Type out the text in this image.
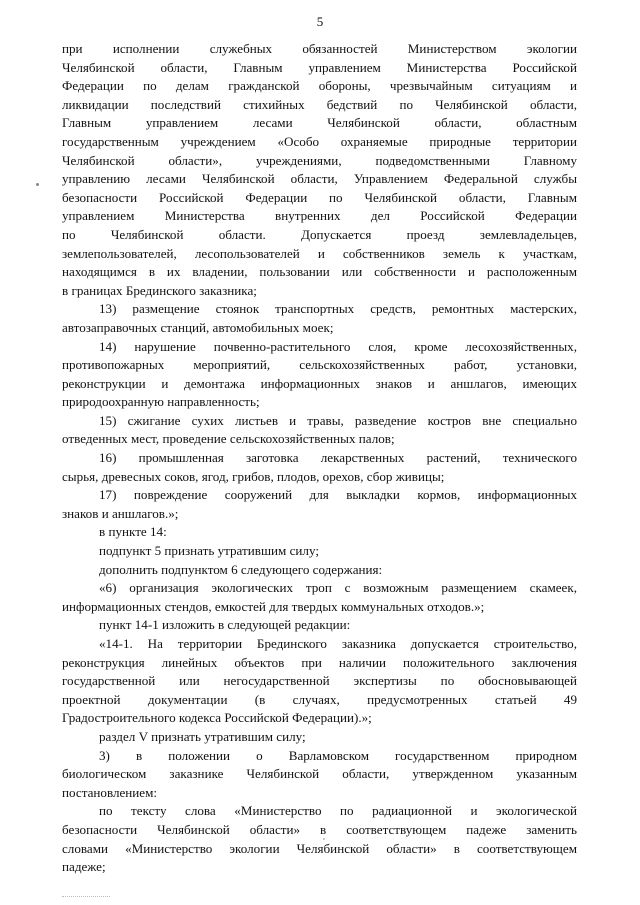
5
при исполнении служебных обязанностей Министерством экологии
Челябинской области, Главным управлением Министерства Российской
Федерации по делам гражданской обороны, чрезвычайным ситуациям и
ликвидации последствий стихийных бедствий по Челябинской области,
Главным управлением лесами Челябинской области, областным
государственным учреждением «Особо охраняемые природные территории
Челябинской области», учреждениями, подведомственными Главному
управлению лесами Челябинской области, Управлением Федеральной службы
безопасности Российской Федерации по Челябинской области, Главным
управлением Министерства внутренних дел Российской Федерации
по Челябинской области. Допускается проезд землевладельцев,
землепользователей, лесопользователей и собственников земель к участкам,
находящимся в их владении, пользовании или собственности и расположенным
в границах Брединского заказника;
13) размещение стоянок транспортных средств, ремонтных мастерских,
автозаправочных станций, автомобильных моек;
14) нарушение почвенно-растительного слоя, кроме лесохозяйственных,
противопожарных мероприятий, сельскохозяйственных работ, установки,
реконструкции и демонтажа информационных знаков и аншлагов, имеющих
природоохранную направленность;
15) сжигание сухих листьев и травы, разведение костров вне специально
отведенных мест, проведение сельскохозяйственных палов;
16) промышленная заготовка лекарственных растений, технического
сырья, древесных соков, ягод, грибов, плодов, орехов, сбор живицы;
17) повреждение сооружений для выкладки кормов, информационных
знаков и аншлагов.»;
в пункте 14:
подпункт 5 признать утратившим силу;
дополнить подпунктом 6 следующего содержания:
«6) организация экологических троп с возможным размещением скамеек,
информационных стендов, емкостей для твердых коммунальных отходов.»;
пункт 14-1 изложить в следующей редакции:
«14-1. На территории Брединского заказника допускается строительство,
реконструкция линейных объектов при наличии положительного заключения
государственной или негосударственной экспертизы по обосновывающей
проектной документации (в случаях, предусмотренных статьей 49
Градостроительного кодекса Российской Федерации).»;
раздел V признать утратившим силу;
3) в положении о Варламовском государственном природном
биологическом заказнике Челябинской области, утвержденном указанным
постановлением:
по тексту слова «Министерство по радиационной и экологической
безопасности Челябинской области» в соответствующем падеже заменить
словами «Министерство экологии Челябинской области» в соответствующем
падеже;
